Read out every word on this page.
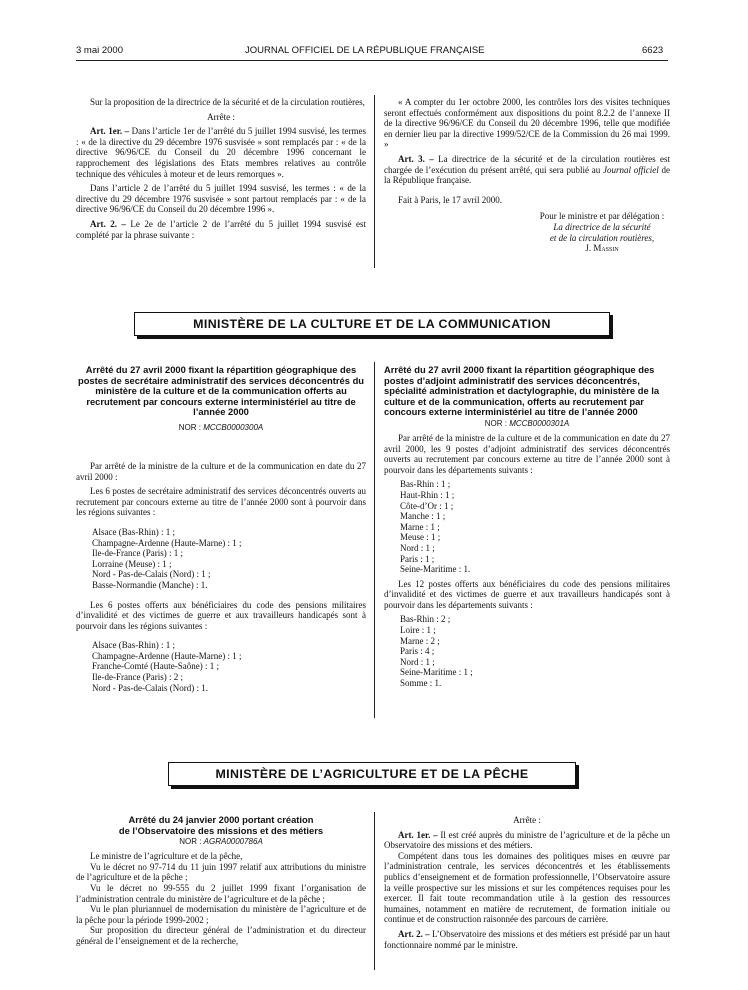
3 mai 2000	JOURNAL OFFICIEL DE LA RÉPUBLIQUE FRANÇAISE	6623

Sur la proposition de la directrice de la sécurité et de la circulation routières,

Arrête :

Art. 1er. – Dans l’article 1er de l’arrêté du 5 juillet 1994 susvisé, les termes : « de la directive du 29 décembre 1976 susvisée » sont remplacés par : « de la directive 96/96/CE du Conseil du 20 décembre 1996 concernant le rapprochement des législations des Etats membres relatives au contrôle technique des véhicules à moteur et de leurs remorques ».

Dans l’article 2 de l’arrêté du 5 juillet 1994 susvisé, les termes : « de la directive du 29 décembre 1976 susvisée » sont partout remplacés par : « de la directive 96/96/CE du Conseil du 20 décembre 1996 ».

Art. 2. – Le 2e de l’article 2 de l’arrêté du 5 juillet 1994 susvisé est complété par la phrase suivante :

« A compter du 1er octobre 2000, les contrôles lors des visites techniques seront effectués conformément aux dispositions du point 8.2.2 de l’annexe II de la directive 96/96/CE du Conseil du 20 décembre 1996, telle que modifiée en dernier lieu par la directive 1999/52/CE de la Commission du 26 mai 1999. »

Art. 3. – La directrice de la sécurité et de la circulation routières est chargée de l’exécution du présent arrêté, qui sera publié au Journal officiel de la République française.

Fait à Paris, le 17 avril 2000.

Pour le ministre et par délégation :
La directrice de la sécurité
et de la circulation routières,
J. Massin
MINISTÈRE DE LA CULTURE ET DE LA COMMUNICATION

Arrêté du 27 avril 2000 fixant la répartition géographique des postes de secrétaire administratif des services déconcentrés du ministère de la culture et de la communication offerts au recrutement par concours externe interministériel au titre de l’année 2000

NOR : MCCB0000300A

Par arrêté de la ministre de la culture et de la communication en date du 27 avril 2000 :

Les 6 postes de secrétaire administratif des services déconcentrés ouverts au recrutement par concours externe au titre de l’année 2000 sont à pourvoir dans les régions suivantes :

Alsace (Bas-Rhin) : 1 ;
Champagne-Ardenne (Haute-Marne) : 1 ;
Ile-de-France (Paris) : 1 ;
Lorraine (Meuse) : 1 ;
Nord - Pas-de-Calais (Nord) : 1 ;
Basse-Normandie (Manche) : 1.

Les 6 postes offerts aux bénéficiaires du code des pensions militaires d’invalidité et des victimes de guerre et aux travailleurs handicapés sont à pourvoir dans les régions suivantes :

Alsace (Bas-Rhin) : 1 ;
Champagne-Ardenne (Haute-Marne) : 1 ;
Franche-Comté (Haute-Saône) : 1 ;
Ile-de-France (Paris) : 2 ;
Nord - Pas-de-Calais (Nord) : 1.

Arrêté du 27 avril 2000 fixant la répartition géographique des postes d’adjoint administratif des services déconcentrés, spécialité administration et dactylographie, du ministère de la culture et de la communication, offerts au recrutement par concours externe interministériel au titre de l’année 2000

NOR : MCCB0000301A

Par arrêté de la ministre de la culture et de la communication en date du 27 avril 2000, les 9 postes d’adjoint administratif des services déconcentrés ouverts au recrutement par concours externe au titre de l’année 2000 sont à pourvoir dans les départements suivants :

Bas-Rhin : 1 ;
Haut-Rhin : 1 ;
Côte-d’Or : 1 ;
Manche : 1 ;
Marne : 1 ;
Meuse : 1 ;
Nord : 1 ;
Paris : 1 ;
Seine-Maritime : 1.

Les 12 postes offerts aux bénéficiaires du code des pensions militaires d’invalidité et des victimes de guerre et aux travailleurs handicapés sont à pourvoir dans les départements suivants :

Bas-Rhin : 2 ;
Loire : 1 ;
Marne : 2 ;
Paris : 4 ;
Nord : 1 ;
Seine-Maritime : 1 ;
Somme : 1.
MINISTÈRE DE L’AGRICULTURE ET DE LA PÊCHE

Arrêté du 24 janvier 2000 portant création

de l’Observatoire des missions et des métiers

NOR : AGRA0000786A

Le ministre de l’agriculture et de la pêche,

Vu le décret no 97-714 du 11 juin 1997 relatif aux attributions du ministre de l’agriculture et de la pêche ;

Vu le décret no 99-555 du 2 juillet 1999 fixant l’organisation de l’administration centrale du ministère de l’agriculture et de la pêche ;

Vu le plan pluriannuel de modernisation du ministère de l’agriculture et de la pêche pour la période 1999-2002 ;

Sur proposition du directeur général de l’administration et du directeur général de l’enseignement et de la recherche,

Arrête :

Art. 1er. – Il est créé auprès du ministre de l’agriculture et de la pêche un Observatoire des missions et des métiers.

Compétent dans tous les domaines des politiques mises en œuvre par l’administration centrale, les services déconcentrés et les établissements publics d’enseignement et de formation professionnelle, l’Observatoire assure la veille prospective sur les missions et sur les compétences requises pour les exercer. Il fait toute recommandation utile à la gestion des ressources humaines, notamment en matière de recrutement, de formation initiale ou continue et de construction raisonnée des parcours de carrière.

Art. 2. – L’Observatoire des missions et des métiers est présidé par un haut fonctionnaire nommé par le ministre.
